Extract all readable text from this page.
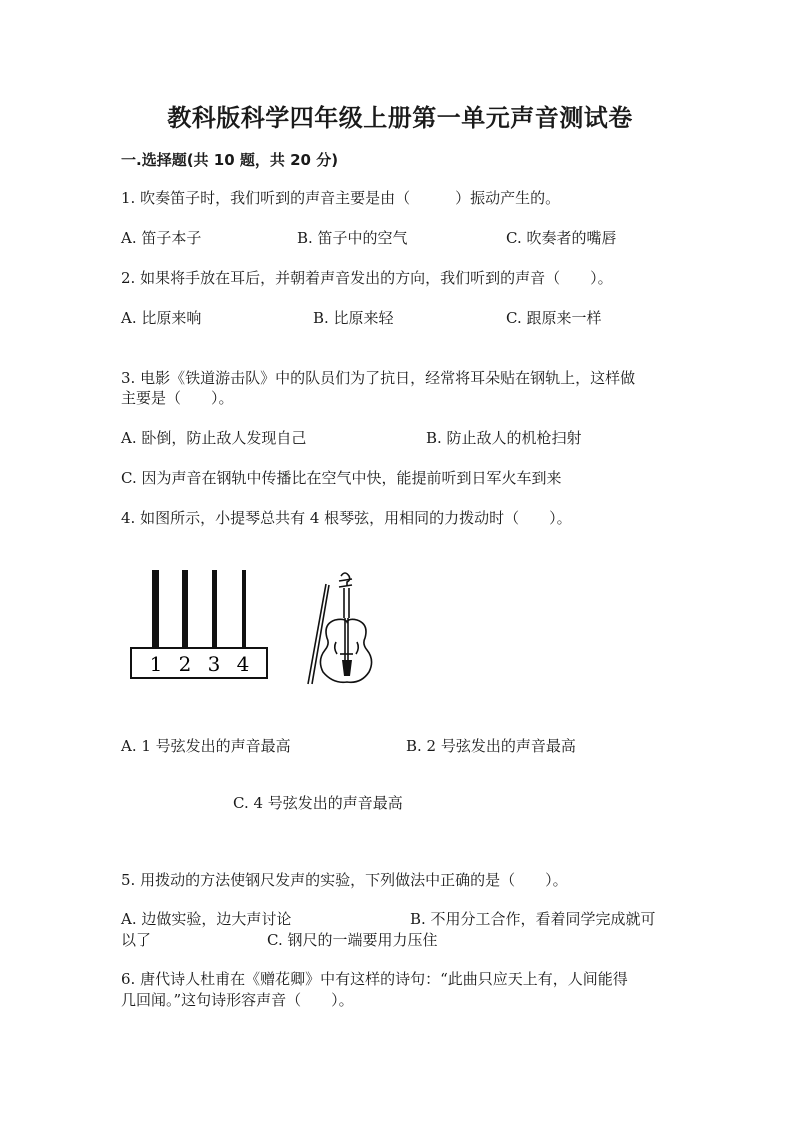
教科版科学四年级上册第一单元声音测试卷
一.选择题(共 10 题，共 20 分)
1. 吹奏笛子时，我们听到的声音主要是由（　　　）振动产生的。
A. 笛子本子	B. 笛子中的空气	C. 吹奏者的嘴唇
2. 如果将手放在耳后，并朝着声音发出的方向，我们听到的声音（　　）。
A. 比原来响	B. 比原来轻	C. 跟原来一样
3. 电影《铁道游击队》中的队员们为了抗日，经常将耳朵贴在钢轨上，这样做
主要是（　　）。
A. 卧倒，防止敌人发现自己	B. 防止敌人的机枪扫射
C. 因为声音在钢轨中传播比在空气中快，能提前听到日军火车到来
4. 如图所示，小提琴总共有 4 根琴弦，用相同的力拨动时（　　）。
1 2 3 4
A. 1 号弦发出的声音最高	B. 2 号弦发出的声音最高
C. 4 号弦发出的声音最高
5. 用拨动的方法使钢尺发声的实验，下列做法中正确的是（　　）。
A. 边做实验，边大声讨论	B. 不用分工合作，看着同学完成就可
以了	C. 钢尺的一端要用力压住
6. 唐代诗人杜甫在《赠花卿》中有这样的诗句：“此曲只应天上有，人间能得
几回闻。”这句诗形容声音（　　）。
